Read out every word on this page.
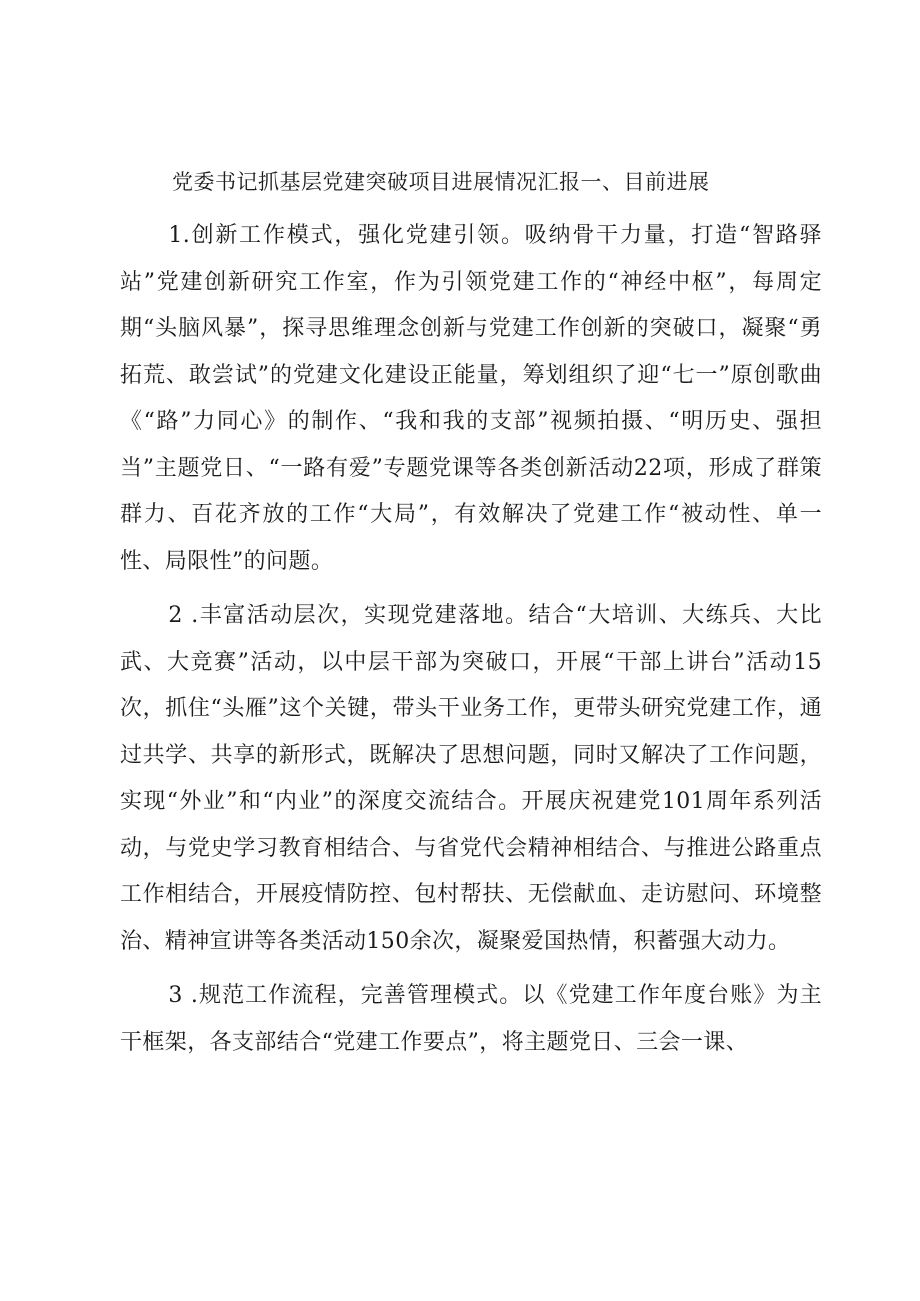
党委书记抓基层党建突破项目进展情况汇报一、目前进展

1.创新工作模式，强化党建引领。吸纳骨干力量，打造“智路驿站”党建创新研究工作室，作为引领党建工作的“神经中枢”，每周定期“头脑风暴”，探寻思维理念创新与党建工作创新的突破口，凝聚“勇拓荒、敢尝试”的党建文化建设正能量，筹划组织了迎“七一”原创歌曲《“路”力同心》的制作、“我和我的支部”视频拍摄、“明历史、强担当”主题党日、“一路有爱”专题党课等各类创新活动22项，形成了群策群力、百花齐放的工作“大局”，有效解决了党建工作“被动性、单一性、局限性”的问题。

2 .丰富活动层次，实现党建落地。结合“大培训、大练兵、大比武、大竞赛”活动，以中层干部为突破口，开展“干部上讲台”活动15次，抓住“头雁”这个关键，带头干业务工作，更带头研究党建工作，通过共学、共享的新形式，既解决了思想问题，同时又解决了工作问题，实现“外业”和“内业”的深度交流结合。开展庆祝建党101周年系列活动，与党史学习教育相结合、与省党代会精神相结合、与推进公路重点工作相结合，开展疫情防控、包村帮扶、无偿献血、走访慰问、环境整治、精神宣讲等各类活动150余次，凝聚爱国热情，积蓄强大动力。

3 .规范工作流程，完善管理模式。以《党建工作年度台账》为主干框架，各支部结合“党建工作要点”，将主题党日、三会一课、
